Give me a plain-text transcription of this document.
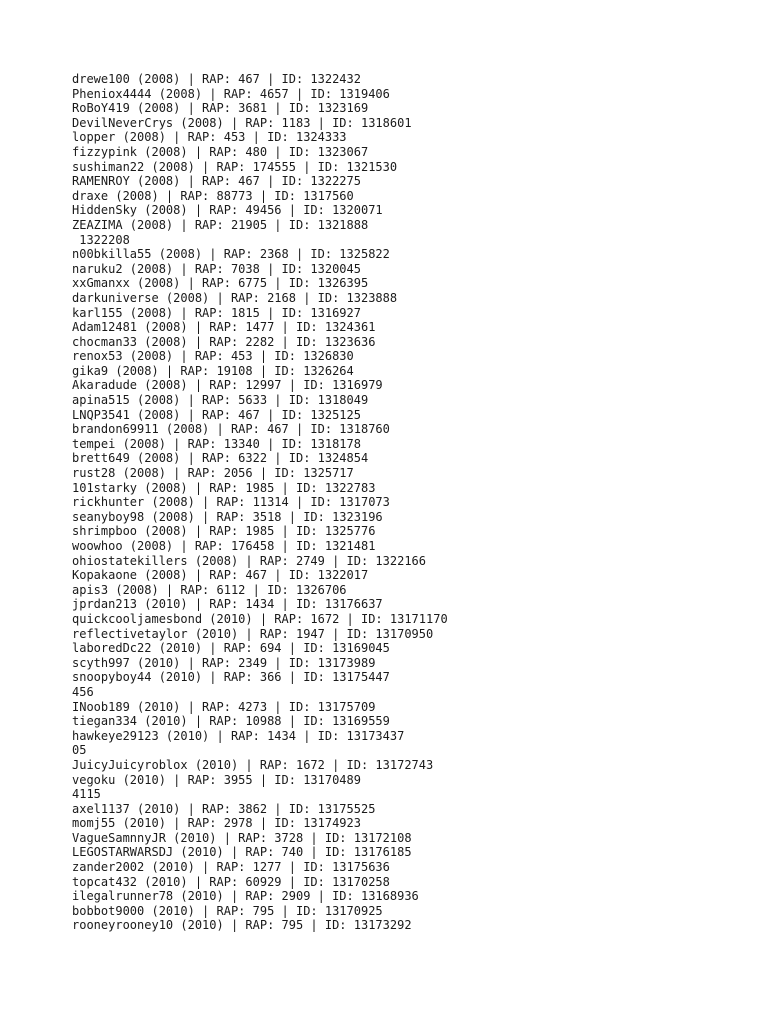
drewe100 (2008) | RAP: 467 | ID: 1322432
Pheniox4444 (2008) | RAP: 4657 | ID: 1319406
RoBoY419 (2008) | RAP: 3681 | ID: 1323169
DevilNeverCrys (2008) | RAP: 1183 | ID: 1318601
lopper (2008) | RAP: 453 | ID: 1324333
fizzypink (2008) | RAP: 480 | ID: 1323067
sushiman22 (2008) | RAP: 174555 | ID: 1321530
RAMENROY (2008) | RAP: 467 | ID: 1322275
draxe (2008) | RAP: 88773 | ID: 1317560
HiddenSky (2008) | RAP: 49456 | ID: 1320071
ZEAZIMA (2008) | RAP: 21905 | ID: 1321888
1322208
n00bkilla55 (2008) | RAP: 2368 | ID: 1325822
naruku2 (2008) | RAP: 7038 | ID: 1320045
xxGmanxx (2008) | RAP: 6775 | ID: 1326395
darkuniverse (2008) | RAP: 2168 | ID: 1323888
karl155 (2008) | RAP: 1815 | ID: 1316927
Adam12481 (2008) | RAP: 1477 | ID: 1324361
chocman33 (2008) | RAP: 2282 | ID: 1323636
renox53 (2008) | RAP: 453 | ID: 1326830
gika9 (2008) | RAP: 19108 | ID: 1326264
Akaradude (2008) | RAP: 12997 | ID: 1316979
apina515 (2008) | RAP: 5633 | ID: 1318049
LNQP3541 (2008) | RAP: 467 | ID: 1325125
brandon69911 (2008) | RAP: 467 | ID: 1318760
tempei (2008) | RAP: 13340 | ID: 1318178
brett649 (2008) | RAP: 6322 | ID: 1324854
rust28 (2008) | RAP: 2056 | ID: 1325717
101starky (2008) | RAP: 1985 | ID: 1322783
rickhunter (2008) | RAP: 11314 | ID: 1317073
seanyboy98 (2008) | RAP: 3518 | ID: 1323196
shrimpboo (2008) | RAP: 1985 | ID: 1325776
woowhoo (2008) | RAP: 176458 | ID: 1321481
ohiostatekillers (2008) | RAP: 2749 | ID: 1322166
Kopakaone (2008) | RAP: 467 | ID: 1322017
apis3 (2008) | RAP: 6112 | ID: 1326706
jprdan213 (2010) | RAP: 1434 | ID: 13176637
quickcooljamesbond (2010) | RAP: 1672 | ID: 13171170
reflectivetaylor (2010) | RAP: 1947 | ID: 13170950
laboredDc22 (2010) | RAP: 694 | ID: 13169045
scyth997 (2010) | RAP: 2349 | ID: 13173989
snoopyboy44 (2010) | RAP: 366 | ID: 13175447
456
INoob189 (2010) | RAP: 4273 | ID: 13175709
tiegan334 (2010) | RAP: 10988 | ID: 13169559
hawkeye29123 (2010) | RAP: 1434 | ID: 13173437
05
JuicyJuicyroblox (2010) | RAP: 1672 | ID: 13172743
vegoku (2010) | RAP: 3955 | ID: 13170489
4115
axel1137 (2010) | RAP: 3862 | ID: 13175525
momj55 (2010) | RAP: 2978 | ID: 13174923
VagueSamnnyJR (2010) | RAP: 3728 | ID: 13172108
LEGOSTARWARSDJ (2010) | RAP: 740 | ID: 13176185
zander2002 (2010) | RAP: 1277 | ID: 13175636
topcat432 (2010) | RAP: 60929 | ID: 13170258
ilegalrunner78 (2010) | RAP: 2909 | ID: 13168936
bobbot9000 (2010) | RAP: 795 | ID: 13170925
rooneyrooney10 (2010) | RAP: 795 | ID: 13173292
